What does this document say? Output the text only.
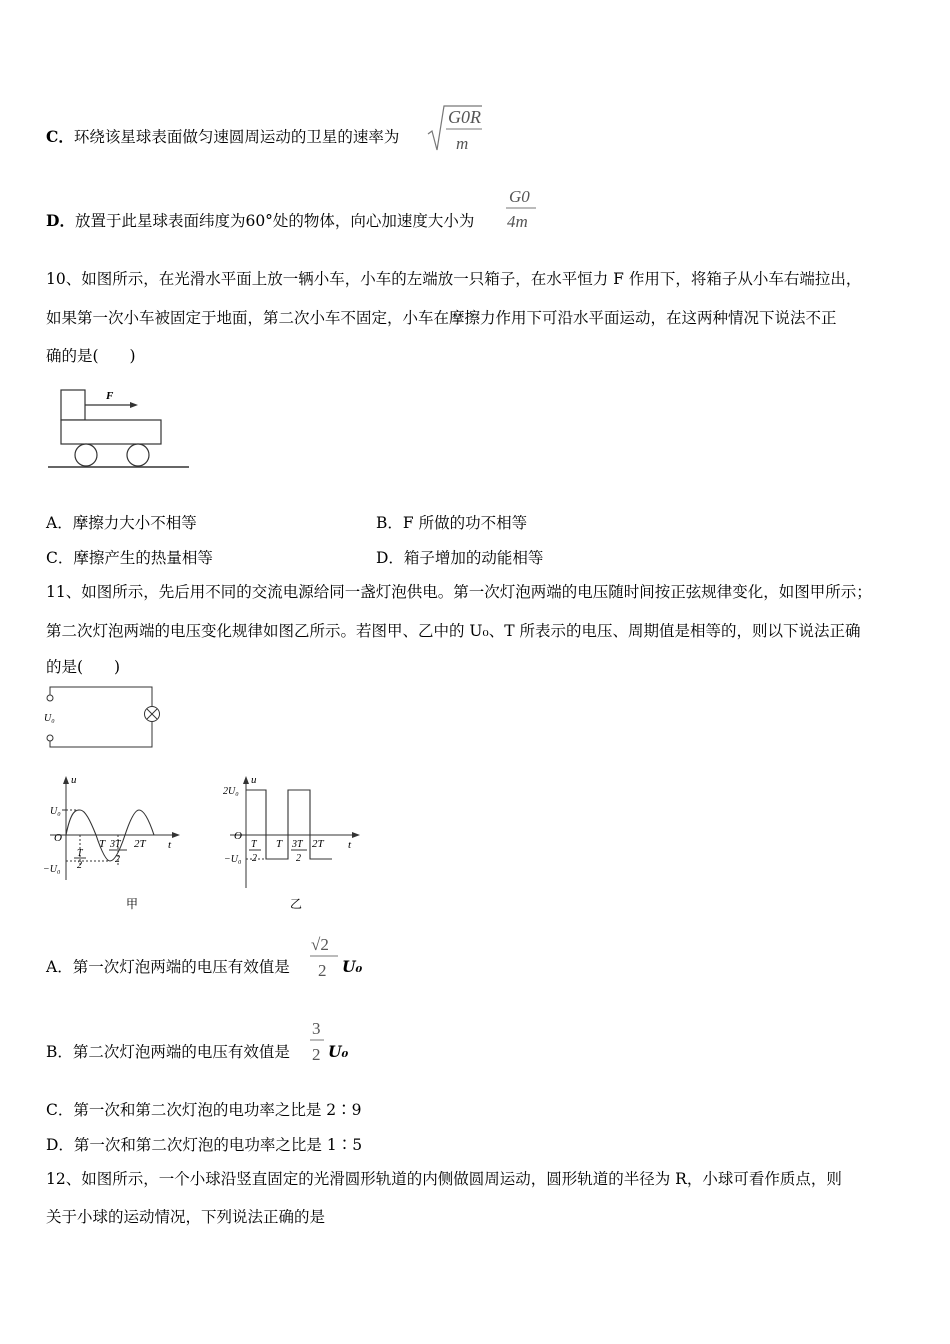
C．环绕该星球表面做匀速圆周运动的卫星的速率为
G0R
m
D．放置于此星球表面纬度为60°处的物体，向心加速度大小为
G0
4m
10、如图所示，在光滑水平面上放一辆小车，小车的左端放一只箱子，在水平恒力 F 作用下，将箱子从小车右端拉出，
如果第一次小车被固定于地面，第二次小车不固定，小车在摩擦力作用下可沿水平面运动，在这两种情况下说法不正
确的是(　　)
F
A．摩擦力大小不相等	B．F 所做的功不相等
C．摩擦产生的热量相等	D．箱子增加的动能相等
11、如图所示，先后用不同的交流电源给同一盏灯泡供电。第一次灯泡两端的电压随时间按正弦规律变化，如图甲所示；
第二次灯泡两端的电压变化规律如图乙所示。若图甲、乙中的 U₀、T 所表示的电压、周期值是相等的，则以下说法正确
的是(　　)
U₀
u
t
U₀
O
−U₀
T
2
T 3T
2
2T
甲
u
t
2U₀
O
−U₀
T
2
T 3T
2
2T
乙
A．第一次灯泡两端的电压有效值是
√2
2 U₀
B．第二次灯泡两端的电压有效值是
3
2 U₀
C．第一次和第二次灯泡的电功率之比是 2∶9
D．第一次和第二次灯泡的电功率之比是 1∶5
12、如图所示，一个小球沿竖直固定的光滑圆形轨道的内侧做圆周运动，圆形轨道的半径为 R，小球可看作质点，则
关于小球的运动情况，下列说法正确的是
